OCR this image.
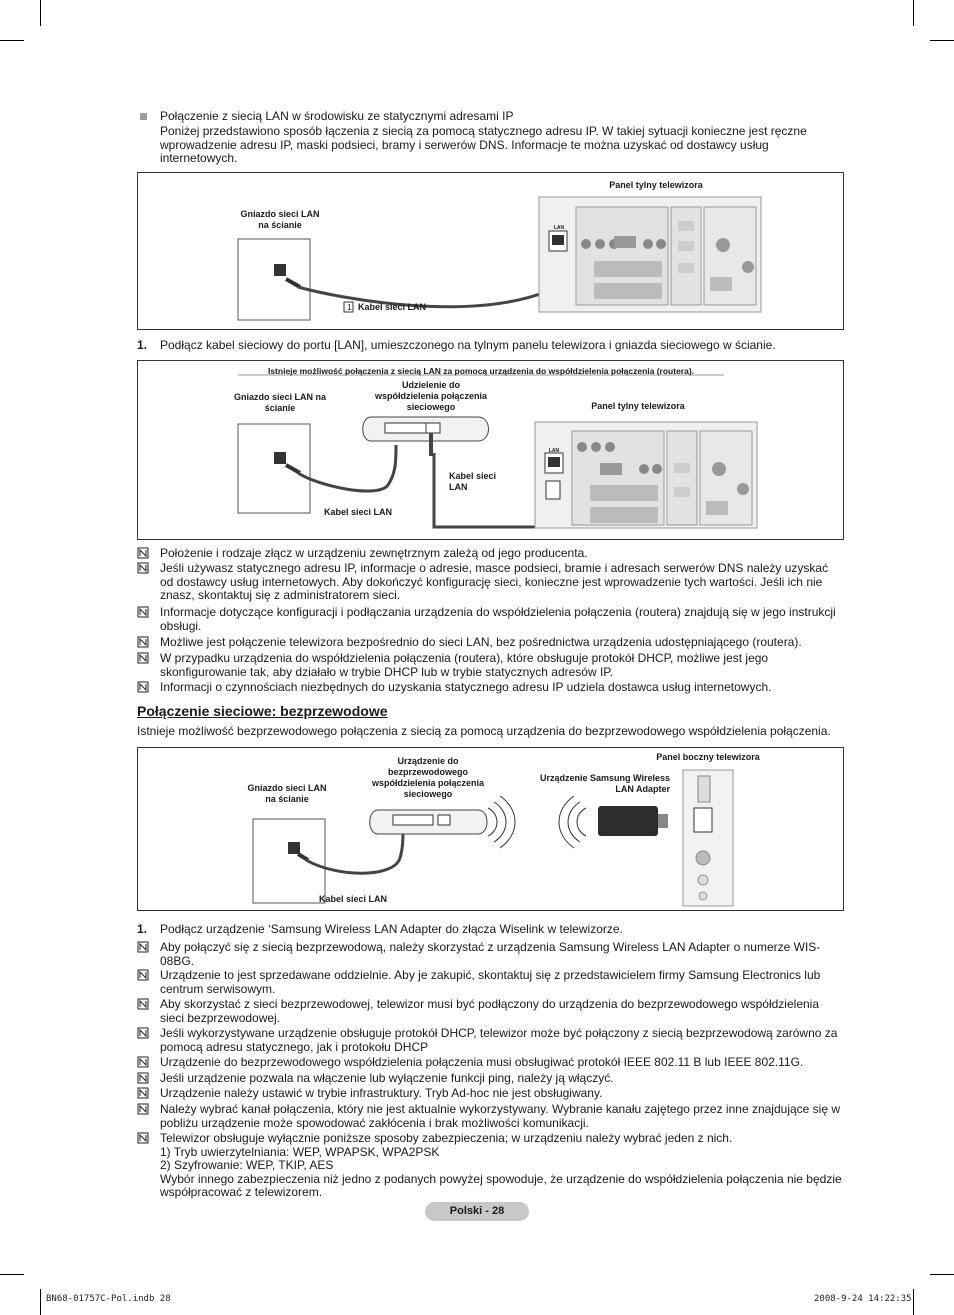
Połączenie z siecią LAN w środowisku ze statycznymi adresami IP
Poniżej przedstawiono sposób łączenia z siecią za pomocą statycznego adresu IP. W takiej sytuacji konieczne jest ręczne wprowadzenie adresu IP, maski podsieci, bramy i serwerów DNS. Informacje te można uzyskać od dostawcy usług internetowych.
Panel tylny telewizora
Gniazdo sieci LAN na ścianie	LAN
1 Kabel sieci LAN
1. Podłącz kabel sieciowy do portu [LAN], umieszczonego na tylnym panelu telewizora i gniazda sieciowego w ścianie.
Istnieje możliwość połączenia z siecią LAN za pomocą urządzenia do współdzielenia połączenia (routera).
Udzielenie do współdzielenia połączenia sieciowego
Gniazdo sieci LAN na ścianie	Panel tylny telewizora
LAN
Kabel sieci LAN
Kabel sieci LAN
Położenie i rodzaje złącz w urządzeniu zewnętrznym zależą od jego producenta.
Jeśli używasz statycznego adresu IP, informacje o adresie, masce podsieci, bramie i adresach serwerów DNS należy uzyskać od dostawcy usług internetowych. Aby dokończyć konfigurację sieci, konieczne jest wprowadzenie tych wartości. Jeśli ich nie znasz, skontaktuj się z administratorem sieci.
Informacje dotyczące konfiguracji i podłączania urządzenia do współdzielenia połączenia (routera) znajdują się w jego instrukcji obsługi.
Możliwe jest połączenie telewizora bezpośrednio do sieci LAN, bez pośrednictwa urządzenia udostępniającego (routera).
W przypadku urządzenia do współdzielenia połączenia (routera), które obsługuje protokół DHCP, możliwe jest jego skonfigurowanie tak, aby działało w trybie DHCP lub w trybie statycznych adresów IP.
Informacji o czynnościach niezbędnych do uzyskania statycznego adresu IP udziela dostawca usług internetowych.
Połączenie sieciowe: bezprzewodowe
Istnieje możliwość bezprzewodowego połączenia z siecią za pomocą urządzenia do bezprzewodowego współdzielenia połączenia.
Panel boczny telewizora
Urządzenie do bezprzewodowego współdzielenia połączenia sieciowego
Urządzenie Samsung Wireless LAN Adapter
Gniazdo sieci LAN na ścianie
Kabel sieci LAN
1. Podłącz urządzenie ‘Samsung Wireless LAN Adapter do złącza Wiselink w telewizorze.
Aby połączyć się z siecią bezprzewodową, należy skorzystać z urządzenia Samsung Wireless LAN Adapter o numerze WIS-08BG.
Urządzenie to jest sprzedawane oddzielnie. Aby je zakupić, skontaktuj się z przedstawicielem firmy Samsung Electronics lub centrum serwisowym.
Aby skorzystać z sieci bezprzewodowej, telewizor musi być podłączony do urządzenia do bezprzewodowego współdzielenia sieci bezprzewodowej.
Jeśli wykorzystywane urządzenie obsługuje protokół DHCP, telewizor może być połączony z siecią bezprzewodową zarówno za pomocą adresu statycznego, jak i protokołu DHCP
Urządzenie do bezprzewodowego współdzielenia połączenia musi obsługiwać protokół IEEE 802.11 B lub IEEE 802.11G.
Jeśli urządzenie pozwala na włączenie lub wyłączenie funkcji ping, należy ją włączyć.
Urządzenie należy ustawić w trybie infrastruktury. Tryb Ad-hoc nie jest obsługiwany.
Należy wybrać kanał połączenia, który nie jest aktualnie wykorzystywany. Wybranie kanału zajętego przez inne znajdujące się w pobliżu urządzenie może spowodować zakłócenia i brak możliwości komunikacji.
Telewizor obsługuje wyłącznie poniższe sposoby zabezpieczenia; w urządzeniu należy wybrać jeden z nich.
1) Tryb uwierzytelniania: WEP, WPAPSK, WPA2PSK
2) Szyfrowanie: WEP, TKIP, AES
Wybór innego zabezpieczenia niż jedno z podanych powyżej spowoduje, że urządzenie do współdzielenia połączenia nie będzie współpracować z telewizorem.
Polski - 28
BN68-01757C-Pol.indb 28	2008-9-24 14:22:35
